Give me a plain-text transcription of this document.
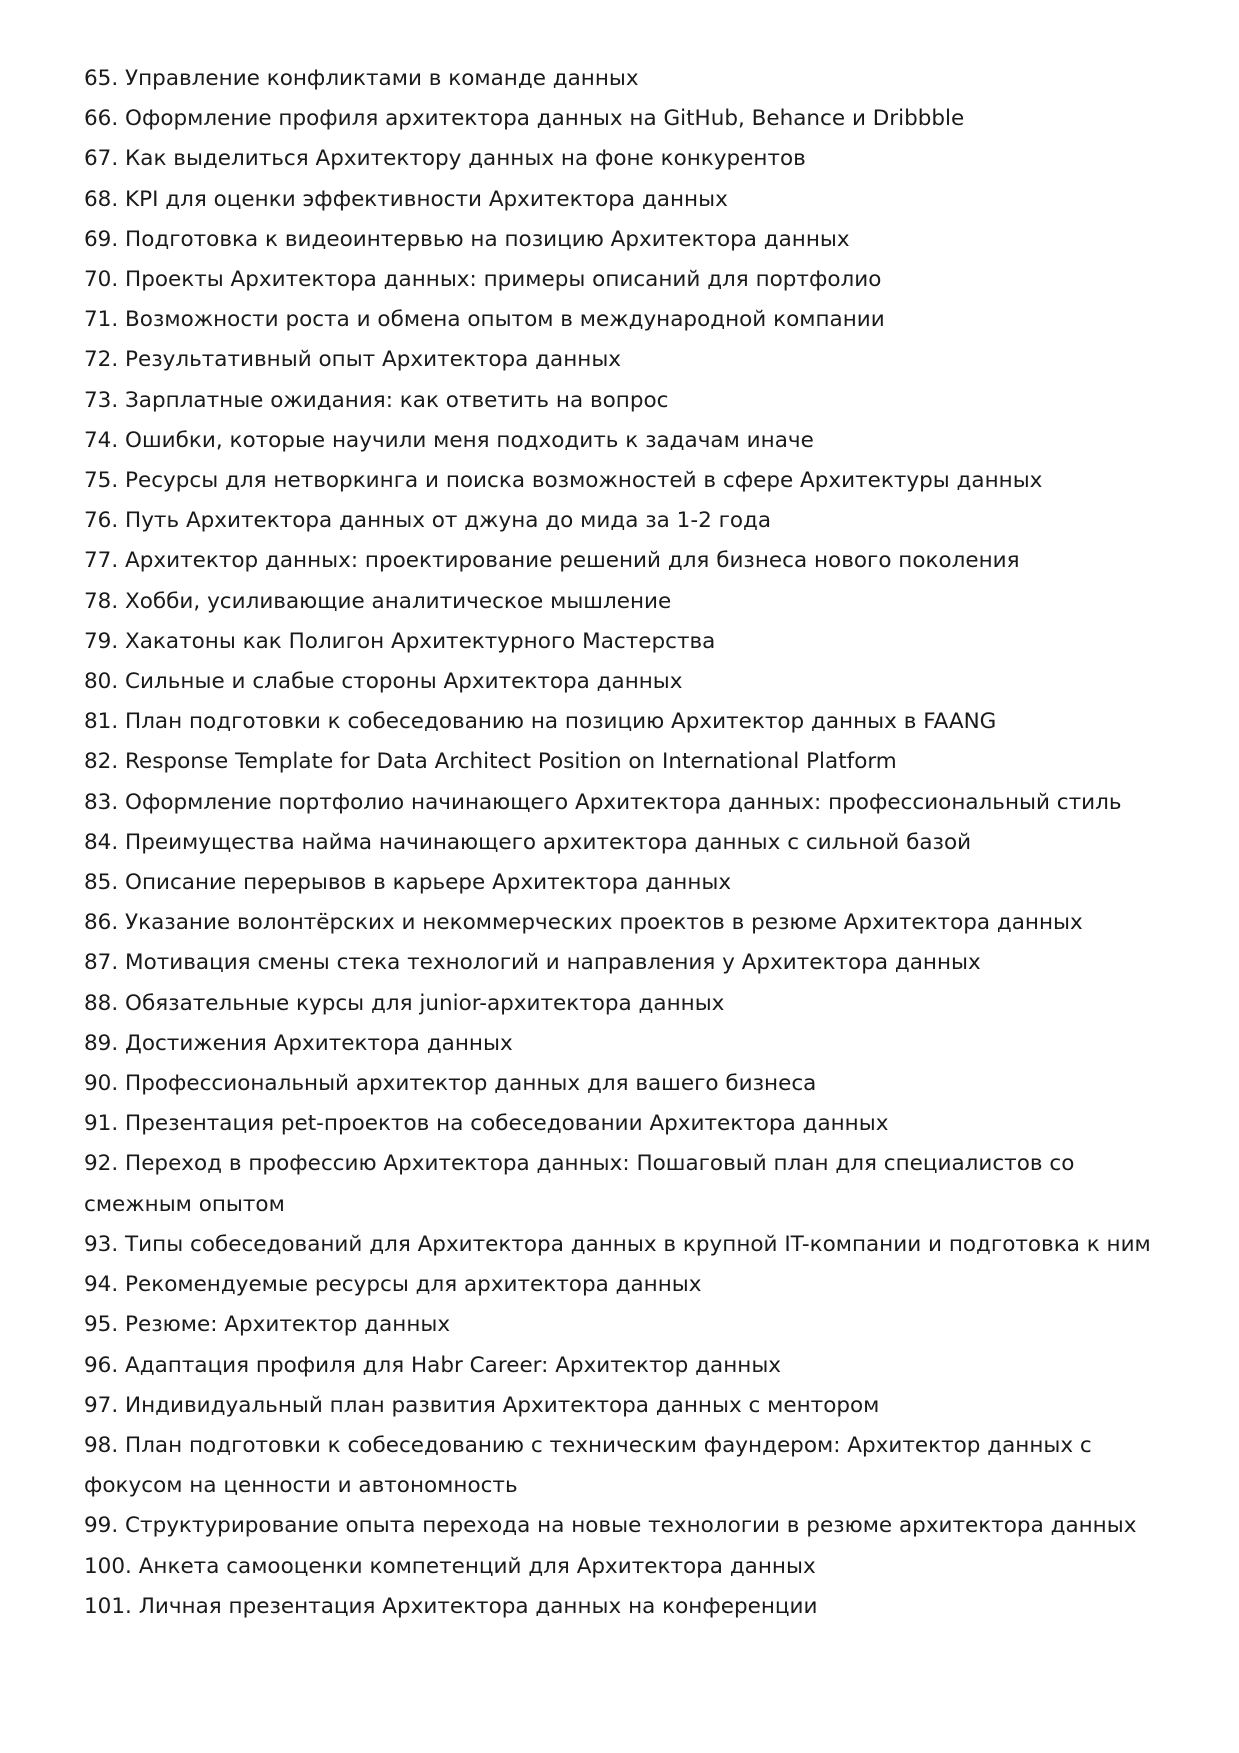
65. Управление конфликтами в команде данных

66. Оформление профиля архитектора данных на GitHub, Behance и Dribbble

67. Как выделиться Архитектору данных на фоне конкурентов

68. KPI для оценки эффективности Архитектора данных

69. Подготовка к видеоинтервью на позицию Архитектора данных

70. Проекты Архитектора данных: примеры описаний для портфолио

71. Возможности роста и обмена опытом в международной компании

72. Результативный опыт Архитектора данных

73. Зарплатные ожидания: как ответить на вопрос

74. Ошибки, которые научили меня подходить к задачам иначе

75. Ресурсы для нетворкинга и поиска возможностей в сфере Архитектуры данных

76. Путь Архитектора данных от джуна до мида за 1-2 года

77. Архитектор данных: проектирование решений для бизнеса нового поколения

78. Хобби, усиливающие аналитическое мышление

79. Хакатоны как Полигон Архитектурного Мастерства

80. Сильные и слабые стороны Архитектора данных

81. План подготовки к собеседованию на позицию Архитектор данных в FAANG

82. Response Template for Data Architect Position on International Platform

83. Оформление портфолио начинающего Архитектора данных: профессиональный стиль

84. Преимущества найма начинающего архитектора данных с сильной базой

85. Описание перерывов в карьере Архитектора данных

86. Указание волонтёрских и некоммерческих проектов в резюме Архитектора данных

87. Мотивация смены стека технологий и направления у Архитектора данных

88. Обязательные курсы для junior-архитектора данных

89. Достижения Архитектора данных

90. Профессиональный архитектор данных для вашего бизнеса

91. Презентация pet-проектов на собеседовании Архитектора данных

92. Переход в профессию Архитектора данных: Пошаговый план для специалистов со смежным опытом

93. Типы собеседований для Архитектора данных в крупной IT-компании и подготовка к ним

94. Рекомендуемые ресурсы для архитектора данных

95. Резюме: Архитектор данных

96. Адаптация профиля для Habr Career: Архитектор данных

97. Индивидуальный план развития Архитектора данных с ментором

98. План подготовки к собеседованию с техническим фаундером: Архитектор данных с фокусом на ценности и автономность

99. Структурирование опыта перехода на новые технологии в резюме архитектора данных

100. Анкета самооценки компетенций для Архитектора данных

101. Личная презентация Архитектора данных на конференции
